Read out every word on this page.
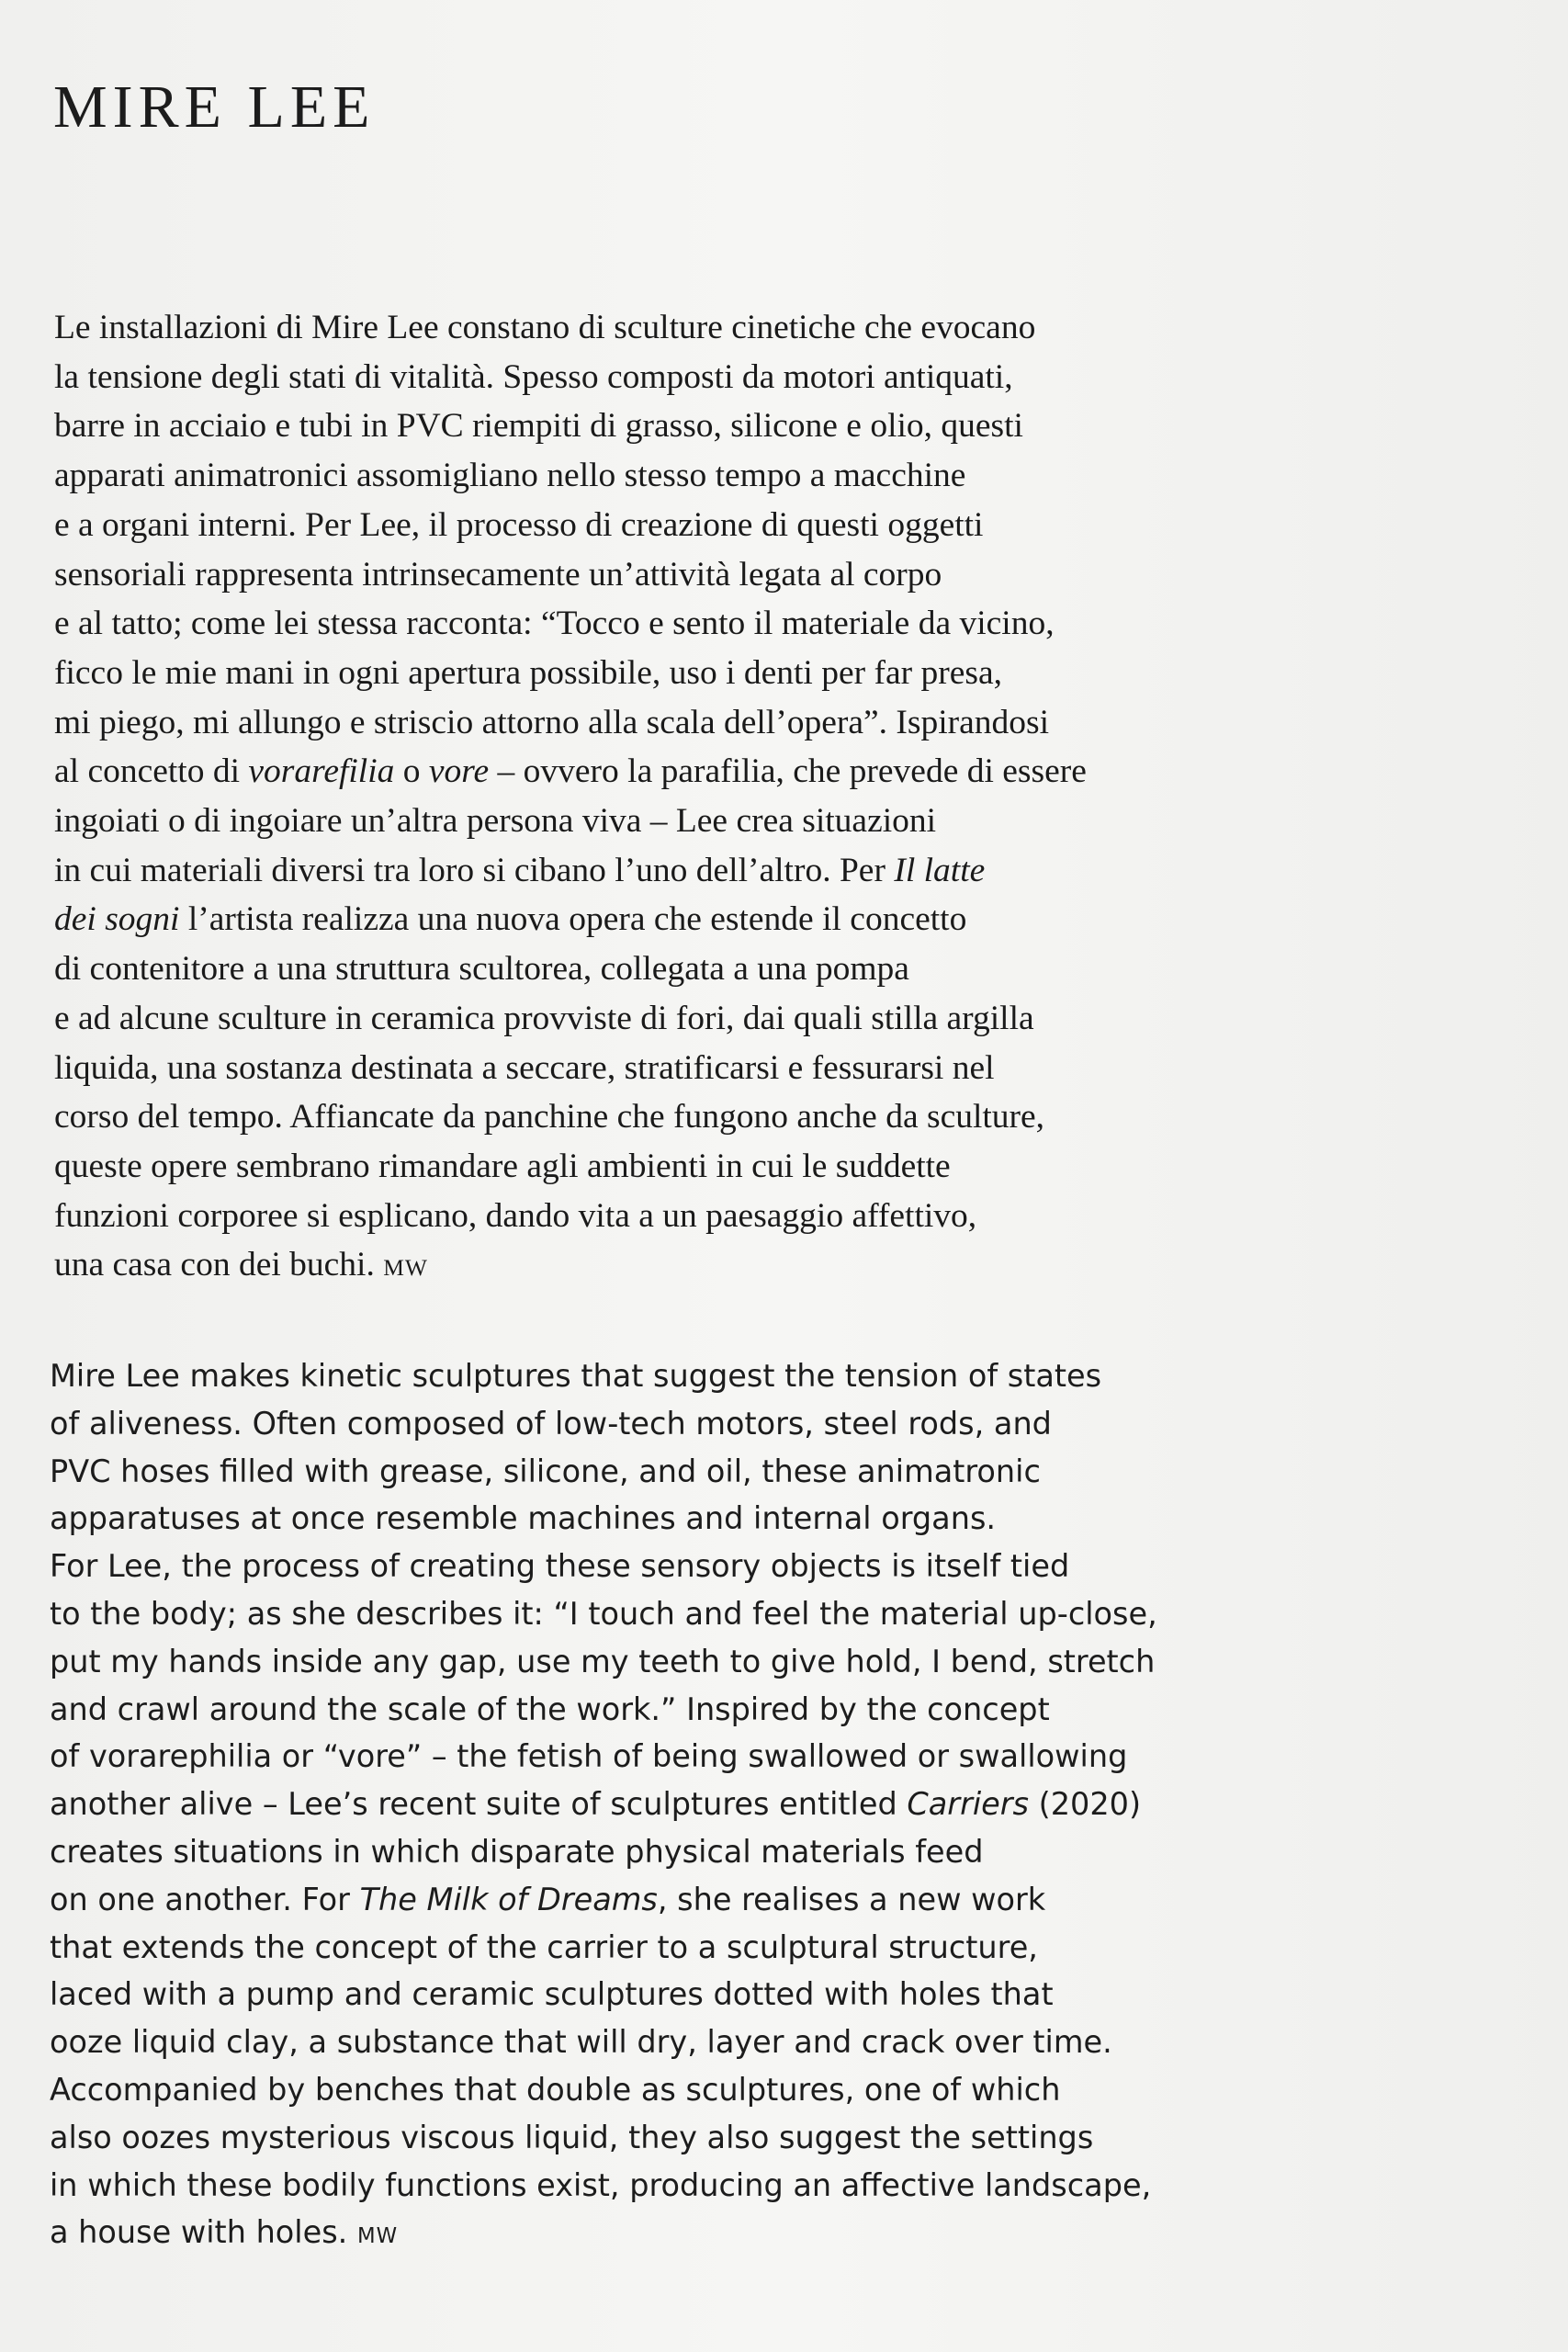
MIRE LEE
Le installazioni di Mire Lee constano di sculture cinetiche che evocano
la tensione degli stati di vitalità. Spesso composti da motori antiquati,
barre in acciaio e tubi in PVC riempiti di grasso, silicone e olio, questi
apparati animatronici assomigliano nello stesso tempo a macchine
e a organi interni. Per Lee, il processo di creazione di questi oggetti
sensoriali rappresenta intrinsecamente un’attività legata al corpo
e al tatto; come lei stessa racconta: “Tocco e sento il materiale da vicino,
ficco le mie mani in ogni apertura possibile, uso i denti per far presa,
mi piego, mi allungo e striscio attorno alla scala dell’opera”. Ispirandosi
al concetto di vorarefilia o vore – ovvero la parafilia, che prevede di essere
ingoiati o di ingoiare un’altra persona viva – Lee crea situazioni
in cui materiali diversi tra loro si cibano l’uno dell’altro. Per Il latte
dei sogni l’artista realizza una nuova opera che estende il concetto
di contenitore a una struttura scultorea, collegata a una pompa
e ad alcune sculture in ceramica provviste di fori, dai quali stilla argilla
liquida, una sostanza destinata a seccare, stratificarsi e fessurarsi nel
corso del tempo. Affiancate da panchine che fungono anche da sculture,
queste opere sembrano rimandare agli ambienti in cui le suddette
funzioni corporee si esplicano, dando vita a un paesaggio affettivo,
una casa con dei buchi. MW
Mire Lee makes kinetic sculptures that suggest the tension of states
of aliveness. Often composed of low-tech motors, steel rods, and
PVC hoses filled with grease, silicone, and oil, these animatronic
apparatuses at once resemble machines and internal organs.
For Lee, the process of creating these sensory objects is itself tied
to the body; as she describes it: “I touch and feel the material up-close,
put my hands inside any gap, use my teeth to give hold, I bend, stretch
and crawl around the scale of the work.” Inspired by the concept
of vorarephilia or “vore” – the fetish of being swallowed or swallowing
another alive – Lee’s recent suite of sculptures entitled Carriers (2020)
creates situations in which disparate physical materials feed
on one another. For The Milk of Dreams, she realises a new work
that extends the concept of the carrier to a sculptural structure,
laced with a pump and ceramic sculptures dotted with holes that
ooze liquid clay, a substance that will dry, layer and crack over time.
Accompanied by benches that double as sculptures, one of which
also oozes mysterious viscous liquid, they also suggest the settings
in which these bodily functions exist, producing an affective landscape,
a house with holes. MW
